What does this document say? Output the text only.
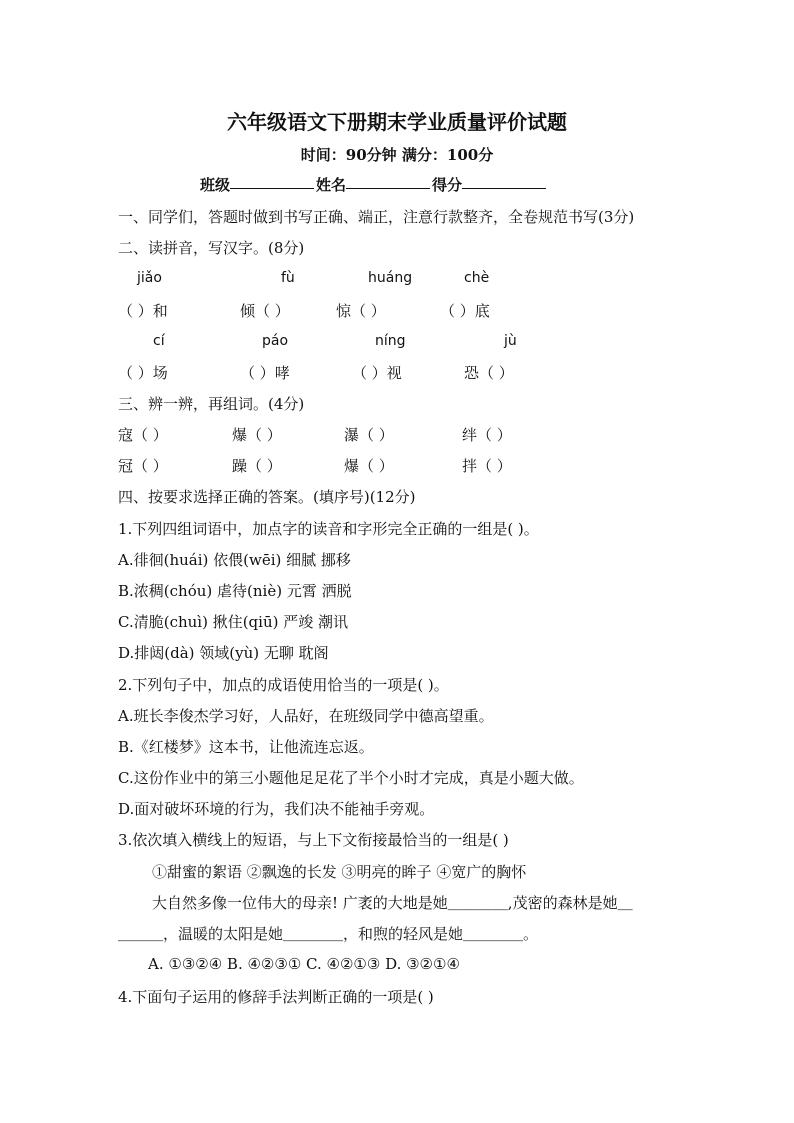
六年级语文下册期末学业质量评价试题
时间：90分钟 满分：100分
班级	姓名	得分
一、同学们，答题时做到书写正确、端正，注意行款整齐，全卷规范书写(3分)
二、读拼音，写汉字。(8分)
jiǎo	fù	huáng	chè
（ ）和	倾（ ）	惊（ ）	（ ）底
cí	páo	níng	jù
（ ）场	（ ）哮	（ ）视	恐（ ）
三、辨一辨，再组词。(4分)
寇（ ）	爆（ ）	瀑（ ）	绊（ ）
冠（ ）	躁（ ）	爆（ ）	拌（ ）
四、按要求选择正确的答案。(填序号)(12分)
1.下列四组词语中，加点字的读音和字形完全正确的一组是( )。
A.徘徊(huái) 依偎(wēi) 细腻 挪移
B.浓稠(chóu) 虐待(niè) 元霄 洒脱
C.清脆(chuì) 揪住(qiū) 严竣 潮讯
D.排闼(dà) 领域(yù) 无聊 耽阁
2.下列句子中，加点的成语使用恰当的一项是( )。
A.班长李俊杰学习好，人品好，在班级同学中德高望重。
B.《红楼梦》这本书，让他流连忘返。
C.这份作业中的第三小题他足足花了半个小时才完成，真是小题大做。
D.面对破坏环境的行为，我们决不能袖手旁观。
3.依次填入横线上的短语，与上下文衔接最恰当的一组是( )
①甜蜜的絮语 ②飘逸的长发 ③明亮的眸子 ④宽广的胸怀
大自然多像一位伟大的母亲! 广袤的大地是她＿＿＿＿,茂密的森林是她＿
＿＿＿，温暖的太阳是她＿＿＿＿，和煦的轻风是她＿＿＿＿。
A. ①③②④ B. ④②③① C. ④②①③ D. ③②①④
4.下面句子运用的修辞手法判断正确的一项是( )
